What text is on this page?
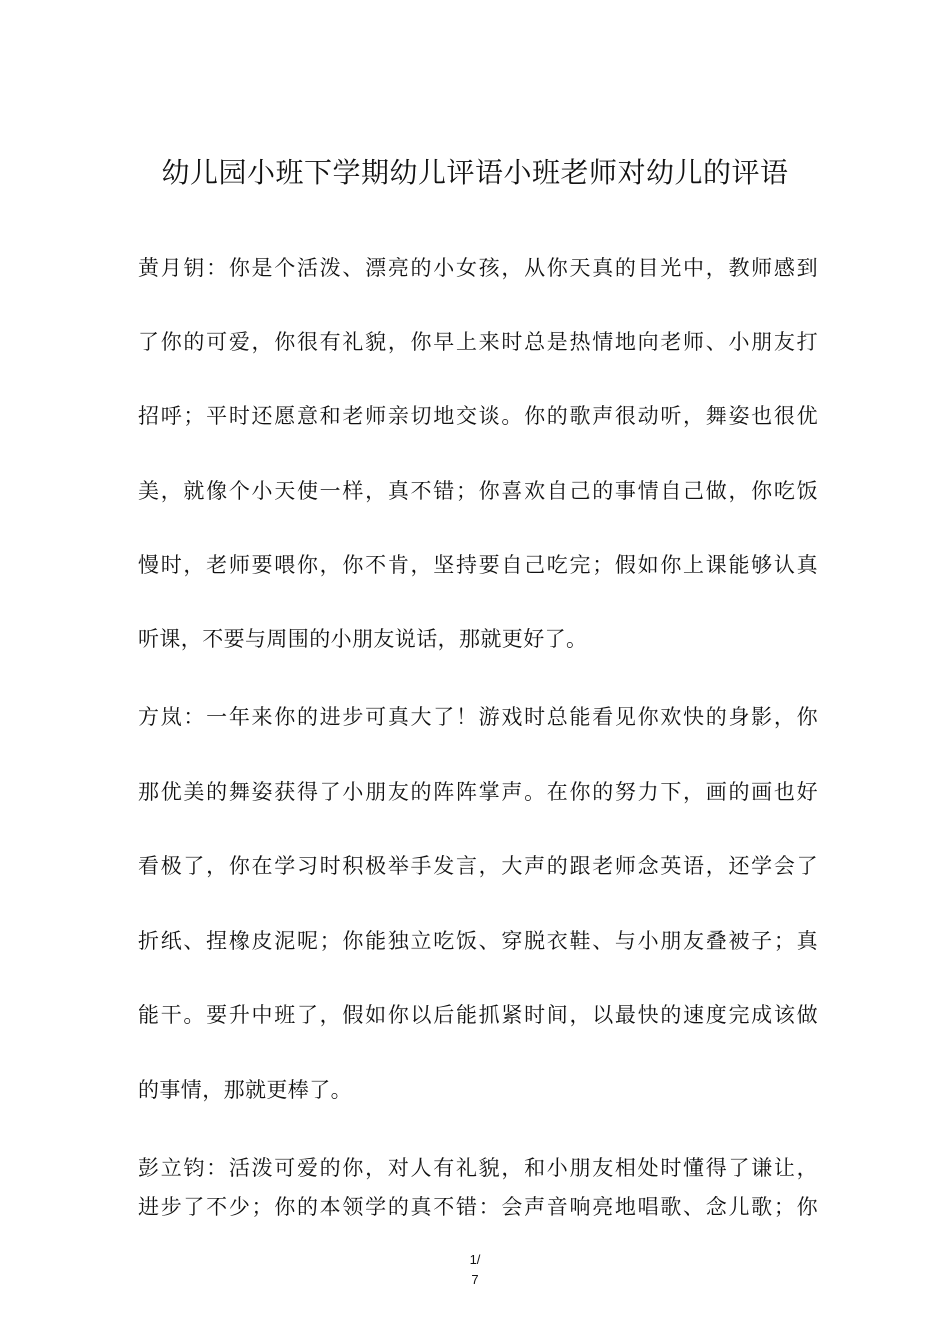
幼儿园小班下学期幼儿评语小班老师对幼儿的评语
黄月钥：你是个活泼、漂亮的小女孩，从你天真的目光中，教师感到
了你的可爱，你很有礼貌，你早上来时总是热情地向老师、小朋友打
招呼；平时还愿意和老师亲切地交谈。你的歌声很动听，舞姿也很优
美，就像个小天使一样，真不错；你喜欢自己的事情自己做，你吃饭
慢时，老师要喂你，你不肯，坚持要自己吃完；假如你上课能够认真
听课，不要与周围的小朋友说话，那就更好了。
方岚：一年来你的进步可真大了！游戏时总能看见你欢快的身影，你
那优美的舞姿获得了小朋友的阵阵掌声。在你的努力下，画的画也好
看极了，你在学习时积极举手发言，大声的跟老师念英语，还学会了
折纸、捏橡皮泥呢；你能独立吃饭、穿脱衣鞋、与小朋友叠被子；真
能干。要升中班了，假如你以后能抓紧时间，以最快的速度完成该做
的事情，那就更棒了。
彭立钧：活泼可爱的你，对人有礼貌，和小朋友相处时懂得了谦让，
进步了不少；你的本领学的真不错：会声音响亮地唱歌、念儿歌；你
1/
7
